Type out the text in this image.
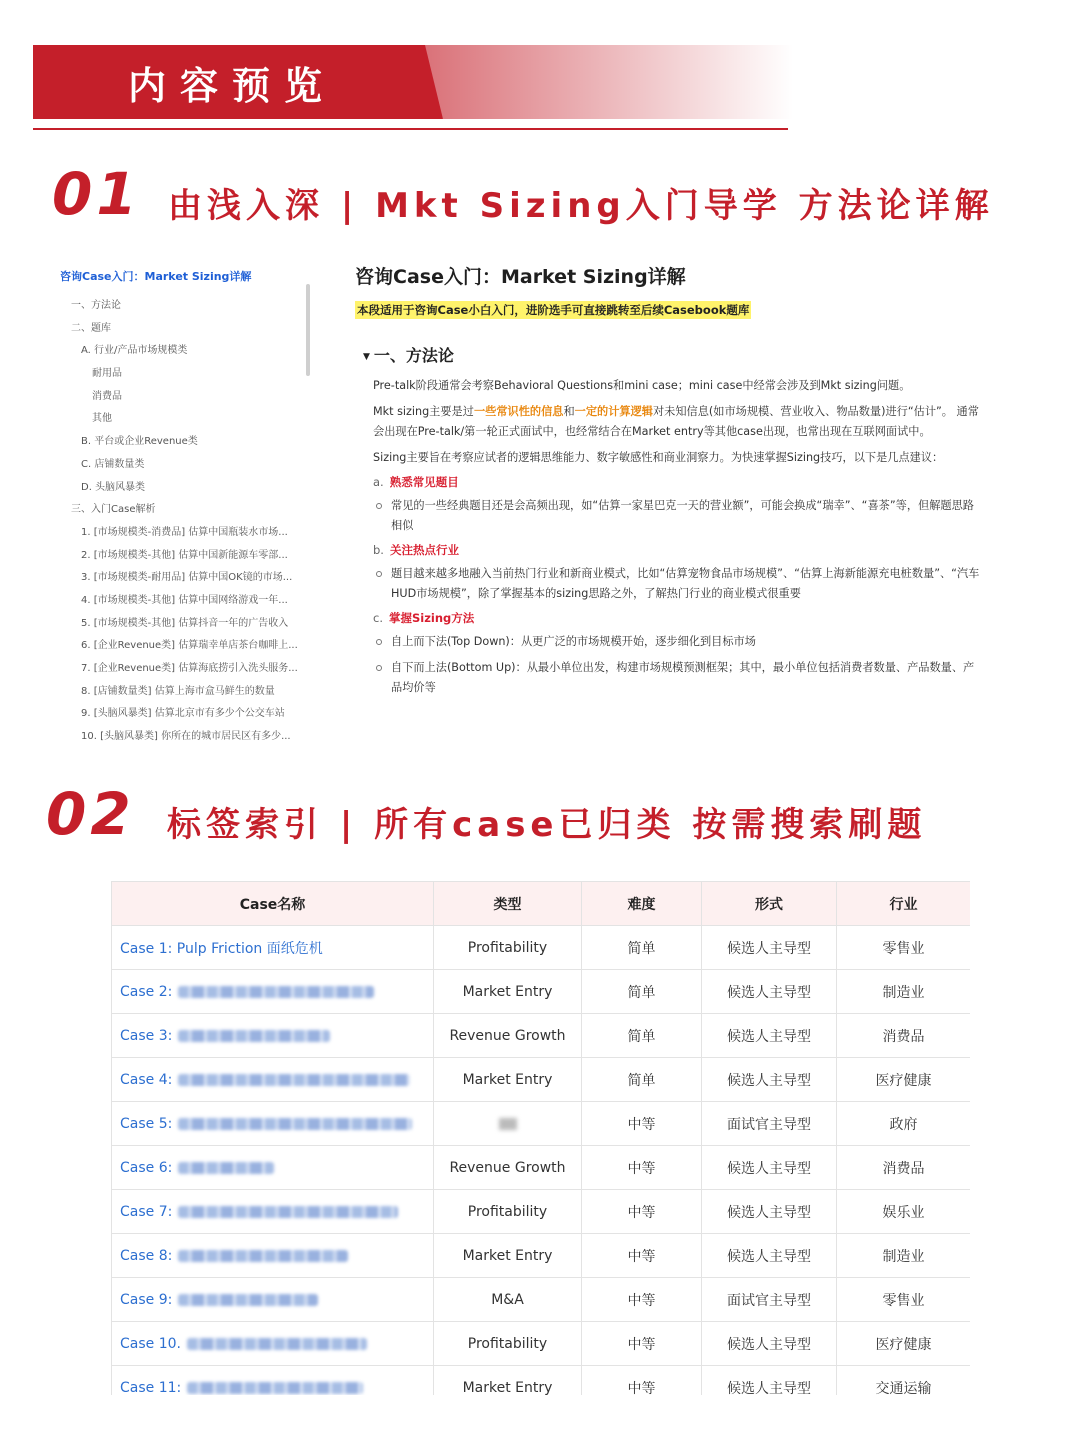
内容预览
01 由浅入深 | Mkt Sizing入门导学 方法论详解
咨询Case入门：Market Sizing详解
一、方法论
二、题库
A. 行业/产品市场规模类
耐用品
消费品
其他
B. 平台或企业Revenue类
C. 店铺数量类
D. 头脑风暴类
三、入门Case解析
1. [市场规模类-消费品] 估算中国瓶装水市场...
2. [市场规模类-其他] 估算中国新能源车零部...
3. [市场规模类-耐用品] 估算中国OK镜的市场...
4. [市场规模类-其他] 估算中国网络游戏一年...
5. [市场规模类-其他] 估算抖音一年的广告收入
6. [企业Revenue类] 估算瑞幸单店茶台咖啡上...
7. [企业Revenue类] 估算海底捞引入洗头服务...
8. [店铺数量类] 估算上海市盒马鲜生的数量
9. [头脑风暴类] 估算北京市有多少个公交车站
10. [头脑风暴类] 你所在的城市居民区有多少...
咨询Case入门：Market Sizing详解
本段适用于咨询Case小白入门，进阶选手可直接跳转至后续Casebook题库
▼ 一、方法论
Pre-talk阶段通常会考察Behavioral Questions和mini case；mini case中经常会涉及到Mkt sizing问题。
Mkt sizing主要是过一些常识性的信息和一定的计算逻辑对未知信息(如市场规模、营业收入、物品数量)进行“估计”。 通常会出现在Pre-talk/第一轮正式面试中，也经常结合在Market entry等其他case出现，也常出现在互联网面试中。
Sizing主要旨在考察应试者的逻辑思维能力、数字敏感性和商业洞察力。为快速掌握Sizing技巧，以下是几点建议：
a. 熟悉常见题目
常见的一些经典题目还是会高频出现，如“估算一家星巴克一天的营业额”，可能会换成“瑞幸”、“喜茶”等，但解题思路相似
b. 关注热点行业
题目越来越多地融入当前热门行业和新商业模式，比如“估算宠物食品市场规模”、“估算上海新能源充电桩数量”、“汽车HUD市场规模”，除了掌握基本的sizing思路之外，了解热门行业的商业模式很重要
c. 掌握Sizing方法
自上而下法(Top Down)：从更广泛的市场规模开始，逐步细化到目标市场
自下而上法(Bottom Up)：从最小单位出发，构建市场规模预测框架；其中，最小单位包括消费者数量、产品数量、产品均价等
02 标签索引 | 所有case已归类 按需搜索刷题
Case名称	类型	难度	形式	行业
Case 1: Pulp Friction 面纸危机	Profitability	简单	候选人主导型	零售业
Case 2:	Market Entry	简单	候选人主导型	制造业
Case 3:	Revenue Growth	简单	候选人主导型	消费品
Case 4:	Market Entry	简单	候选人主导型	医疗健康
Case 5:		中等	面试官主导型	政府
Case 6:	Revenue Growth	中等	候选人主导型	消费品
Case 7:	Profitability	中等	候选人主导型	娱乐业
Case 8:	Market Entry	中等	候选人主导型	制造业
Case 9:	M&A	中等	面试官主导型	零售业
Case 10.	Profitability	中等	候选人主导型	医疗健康
Case 11:	Market Entry	中等	候选人主导型	交通运输
